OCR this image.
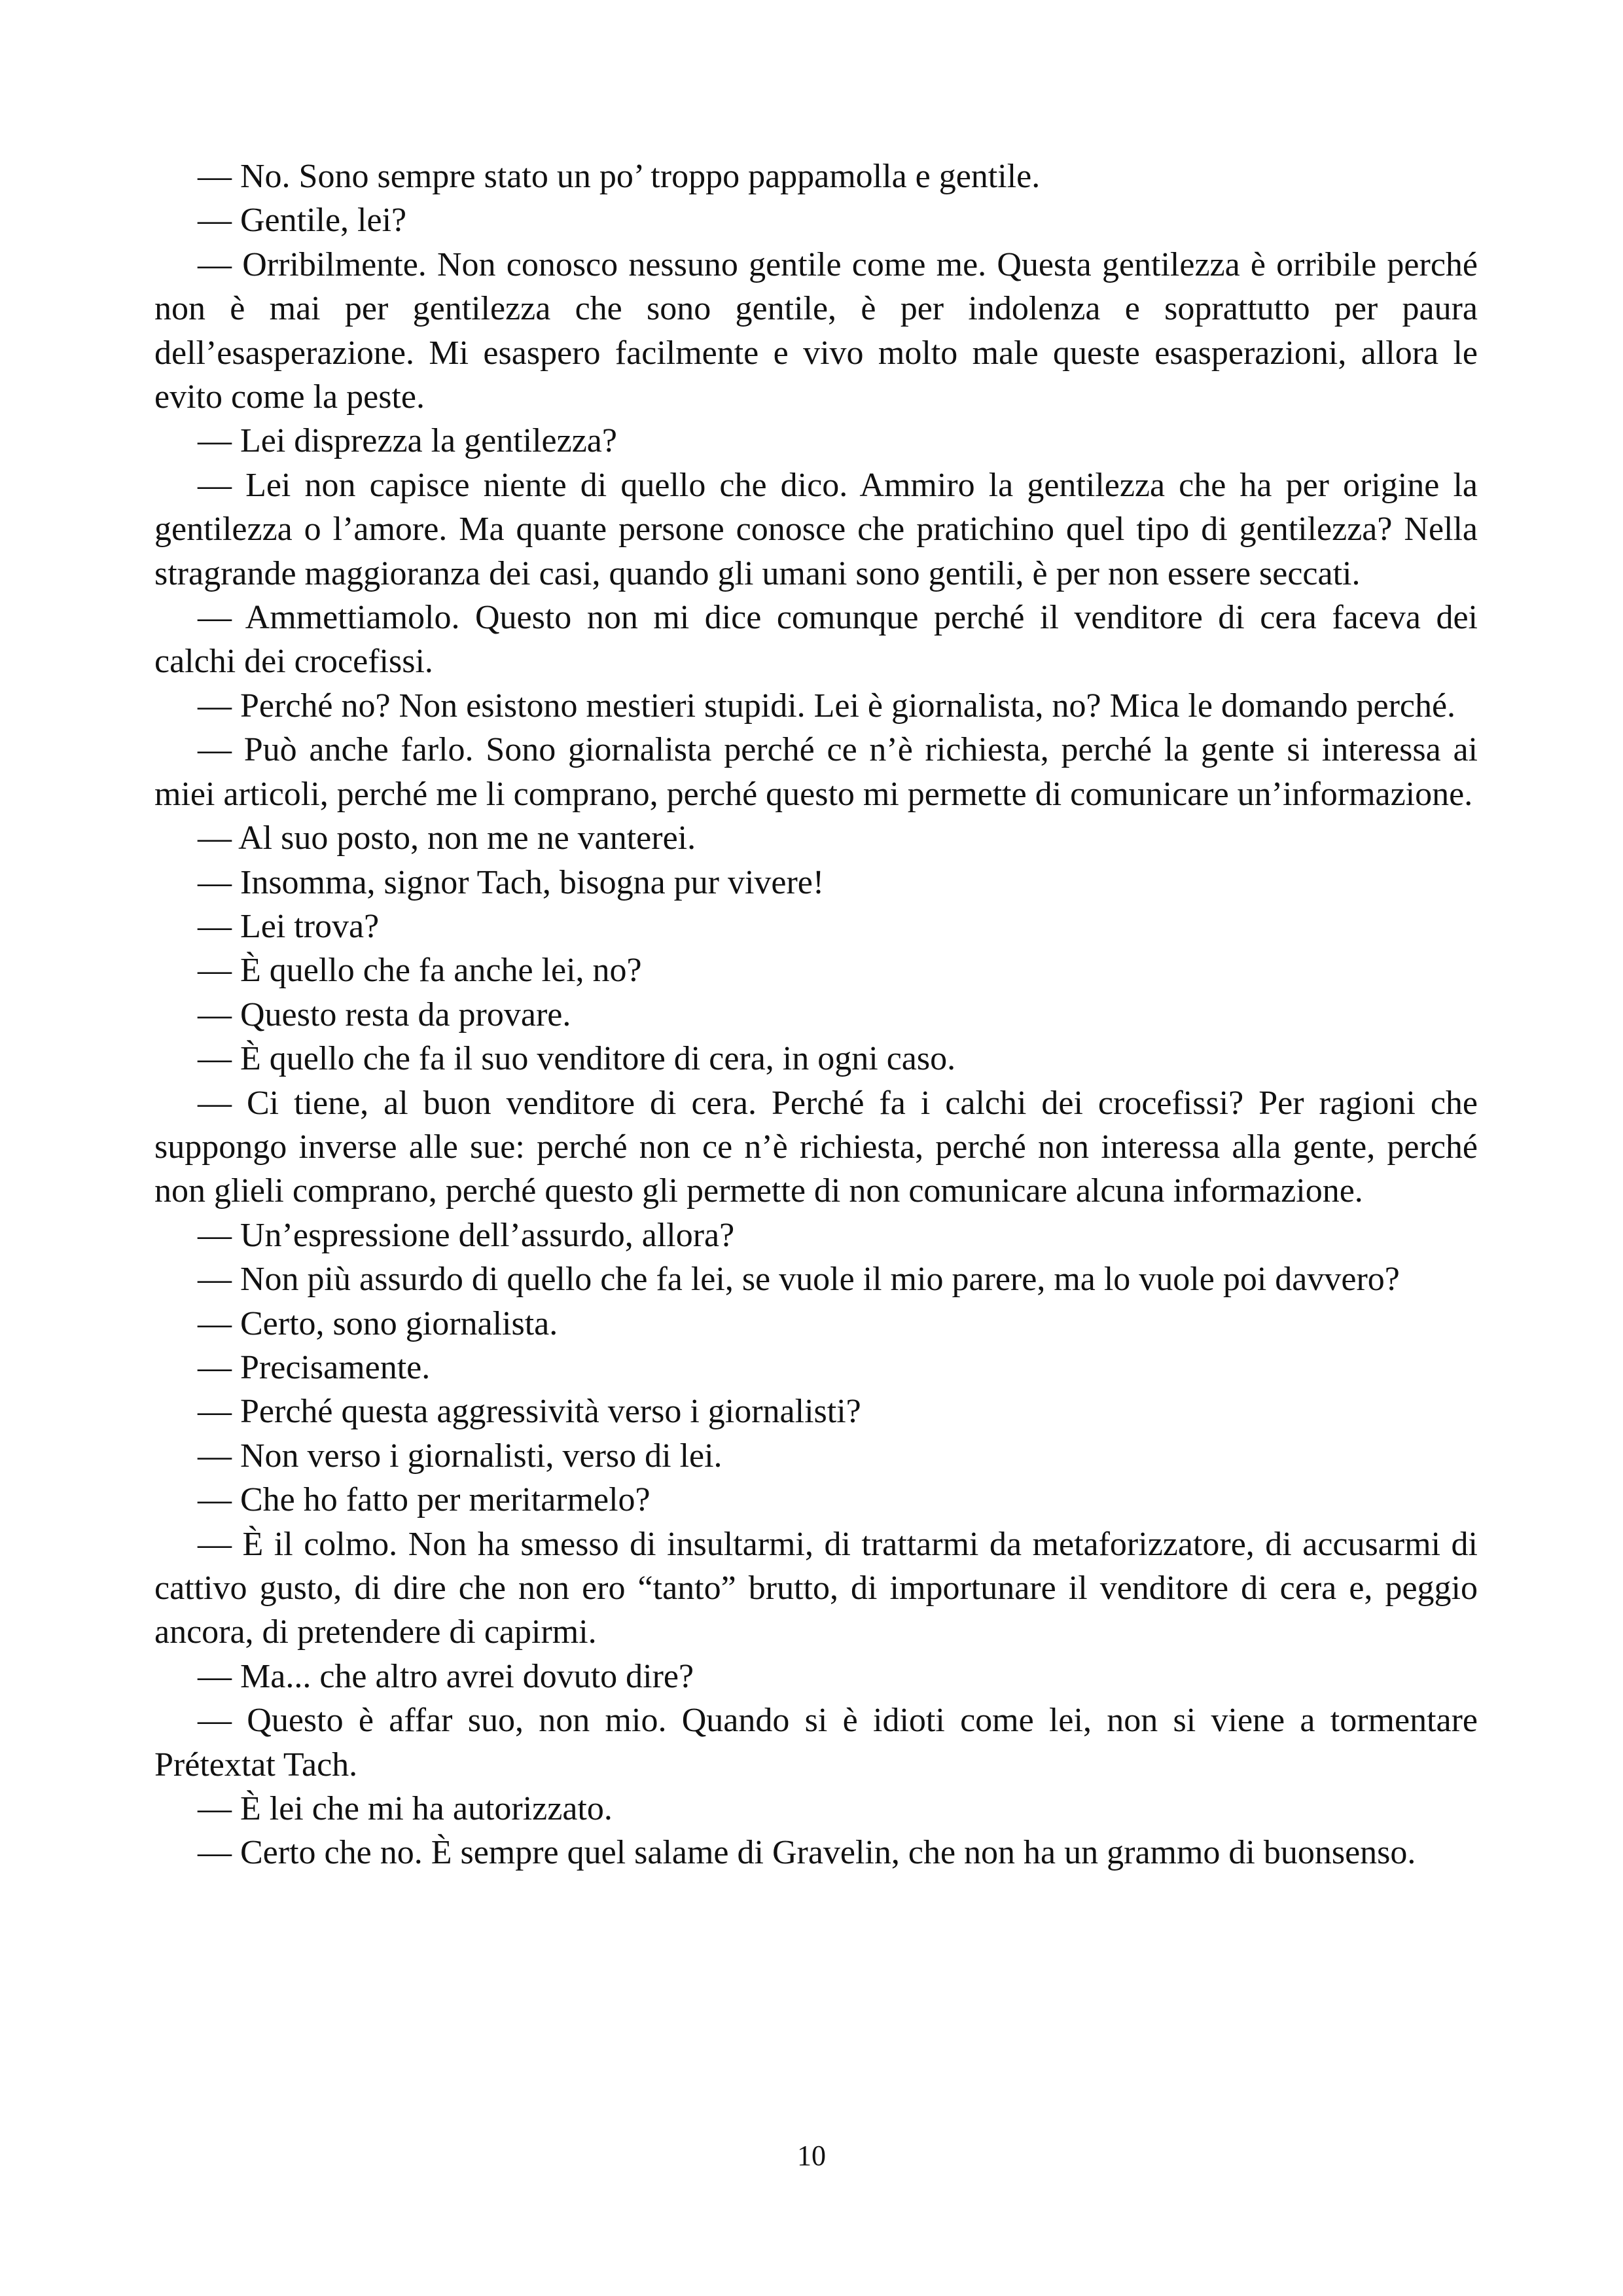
— No. Sono sempre stato un po’ troppo pappamolla e gentile.

— Gentile, lei?

— Orribilmente. Non conosco nessuno gentile come me. Questa gentilezza è orribile perché non è mai per gentilezza che sono gentile, è per indolenza e soprattutto per paura dell’esasperazione. Mi esaspero facilmente e vivo molto male queste esasperazioni, allora le evito come la peste.

— Lei disprezza la gentilezza?

— Lei non capisce niente di quello che dico. Ammiro la gentilezza che ha per origine la gentilezza o l’amore. Ma quante persone conosce che pratichino quel tipo di gentilezza? Nella stragrande maggioranza dei casi, quando gli umani sono gentili, è per non essere seccati.

— Ammettiamolo. Questo non mi dice comunque perché il venditore di cera faceva dei calchi dei crocefissi.

— Perché no? Non esistono mestieri stupidi. Lei è giornalista, no? Mica le domando perché.

— Può anche farlo. Sono giornalista perché ce n’è richiesta, perché la gente si interessa ai miei articoli, perché me li comprano, perché questo mi permette di comunicare un’informazione.

— Al suo posto, non me ne vanterei.

— Insomma, signor Tach, bisogna pur vivere!

— Lei trova?

— È quello che fa anche lei, no?

— Questo resta da provare.

— È quello che fa il suo venditore di cera, in ogni caso.

— Ci tiene, al buon venditore di cera. Perché fa i calchi dei crocefissi? Per ragioni che suppongo inverse alle sue: perché non ce n’è richiesta, perché non interessa alla gente, perché non glieli comprano, perché questo gli permette di non comunicare alcuna informazione.

— Un’espressione dell’assurdo, allora?

— Non più assurdo di quello che fa lei, se vuole il mio parere, ma lo vuole poi davvero?

— Certo, sono giornalista.

— Precisamente.

— Perché questa aggressività verso i giornalisti?

— Non verso i giornalisti, verso di lei.

— Che ho fatto per meritarmelo?

— È il colmo. Non ha smesso di insultarmi, di trattarmi da metaforizzatore, di accusarmi di cattivo gusto, di dire che non ero “tanto” brutto, di importunare il venditore di cera e, peggio ancora, di pretendere di capirmi.

— Ma... che altro avrei dovuto dire?

— Questo è affar suo, non mio. Quando si è idioti come lei, non si viene a tormentare Prétextat Tach.

— È lei che mi ha autorizzato.

— Certo che no. È sempre quel salame di Gravelin, che non ha un grammo di buonsenso.

10
